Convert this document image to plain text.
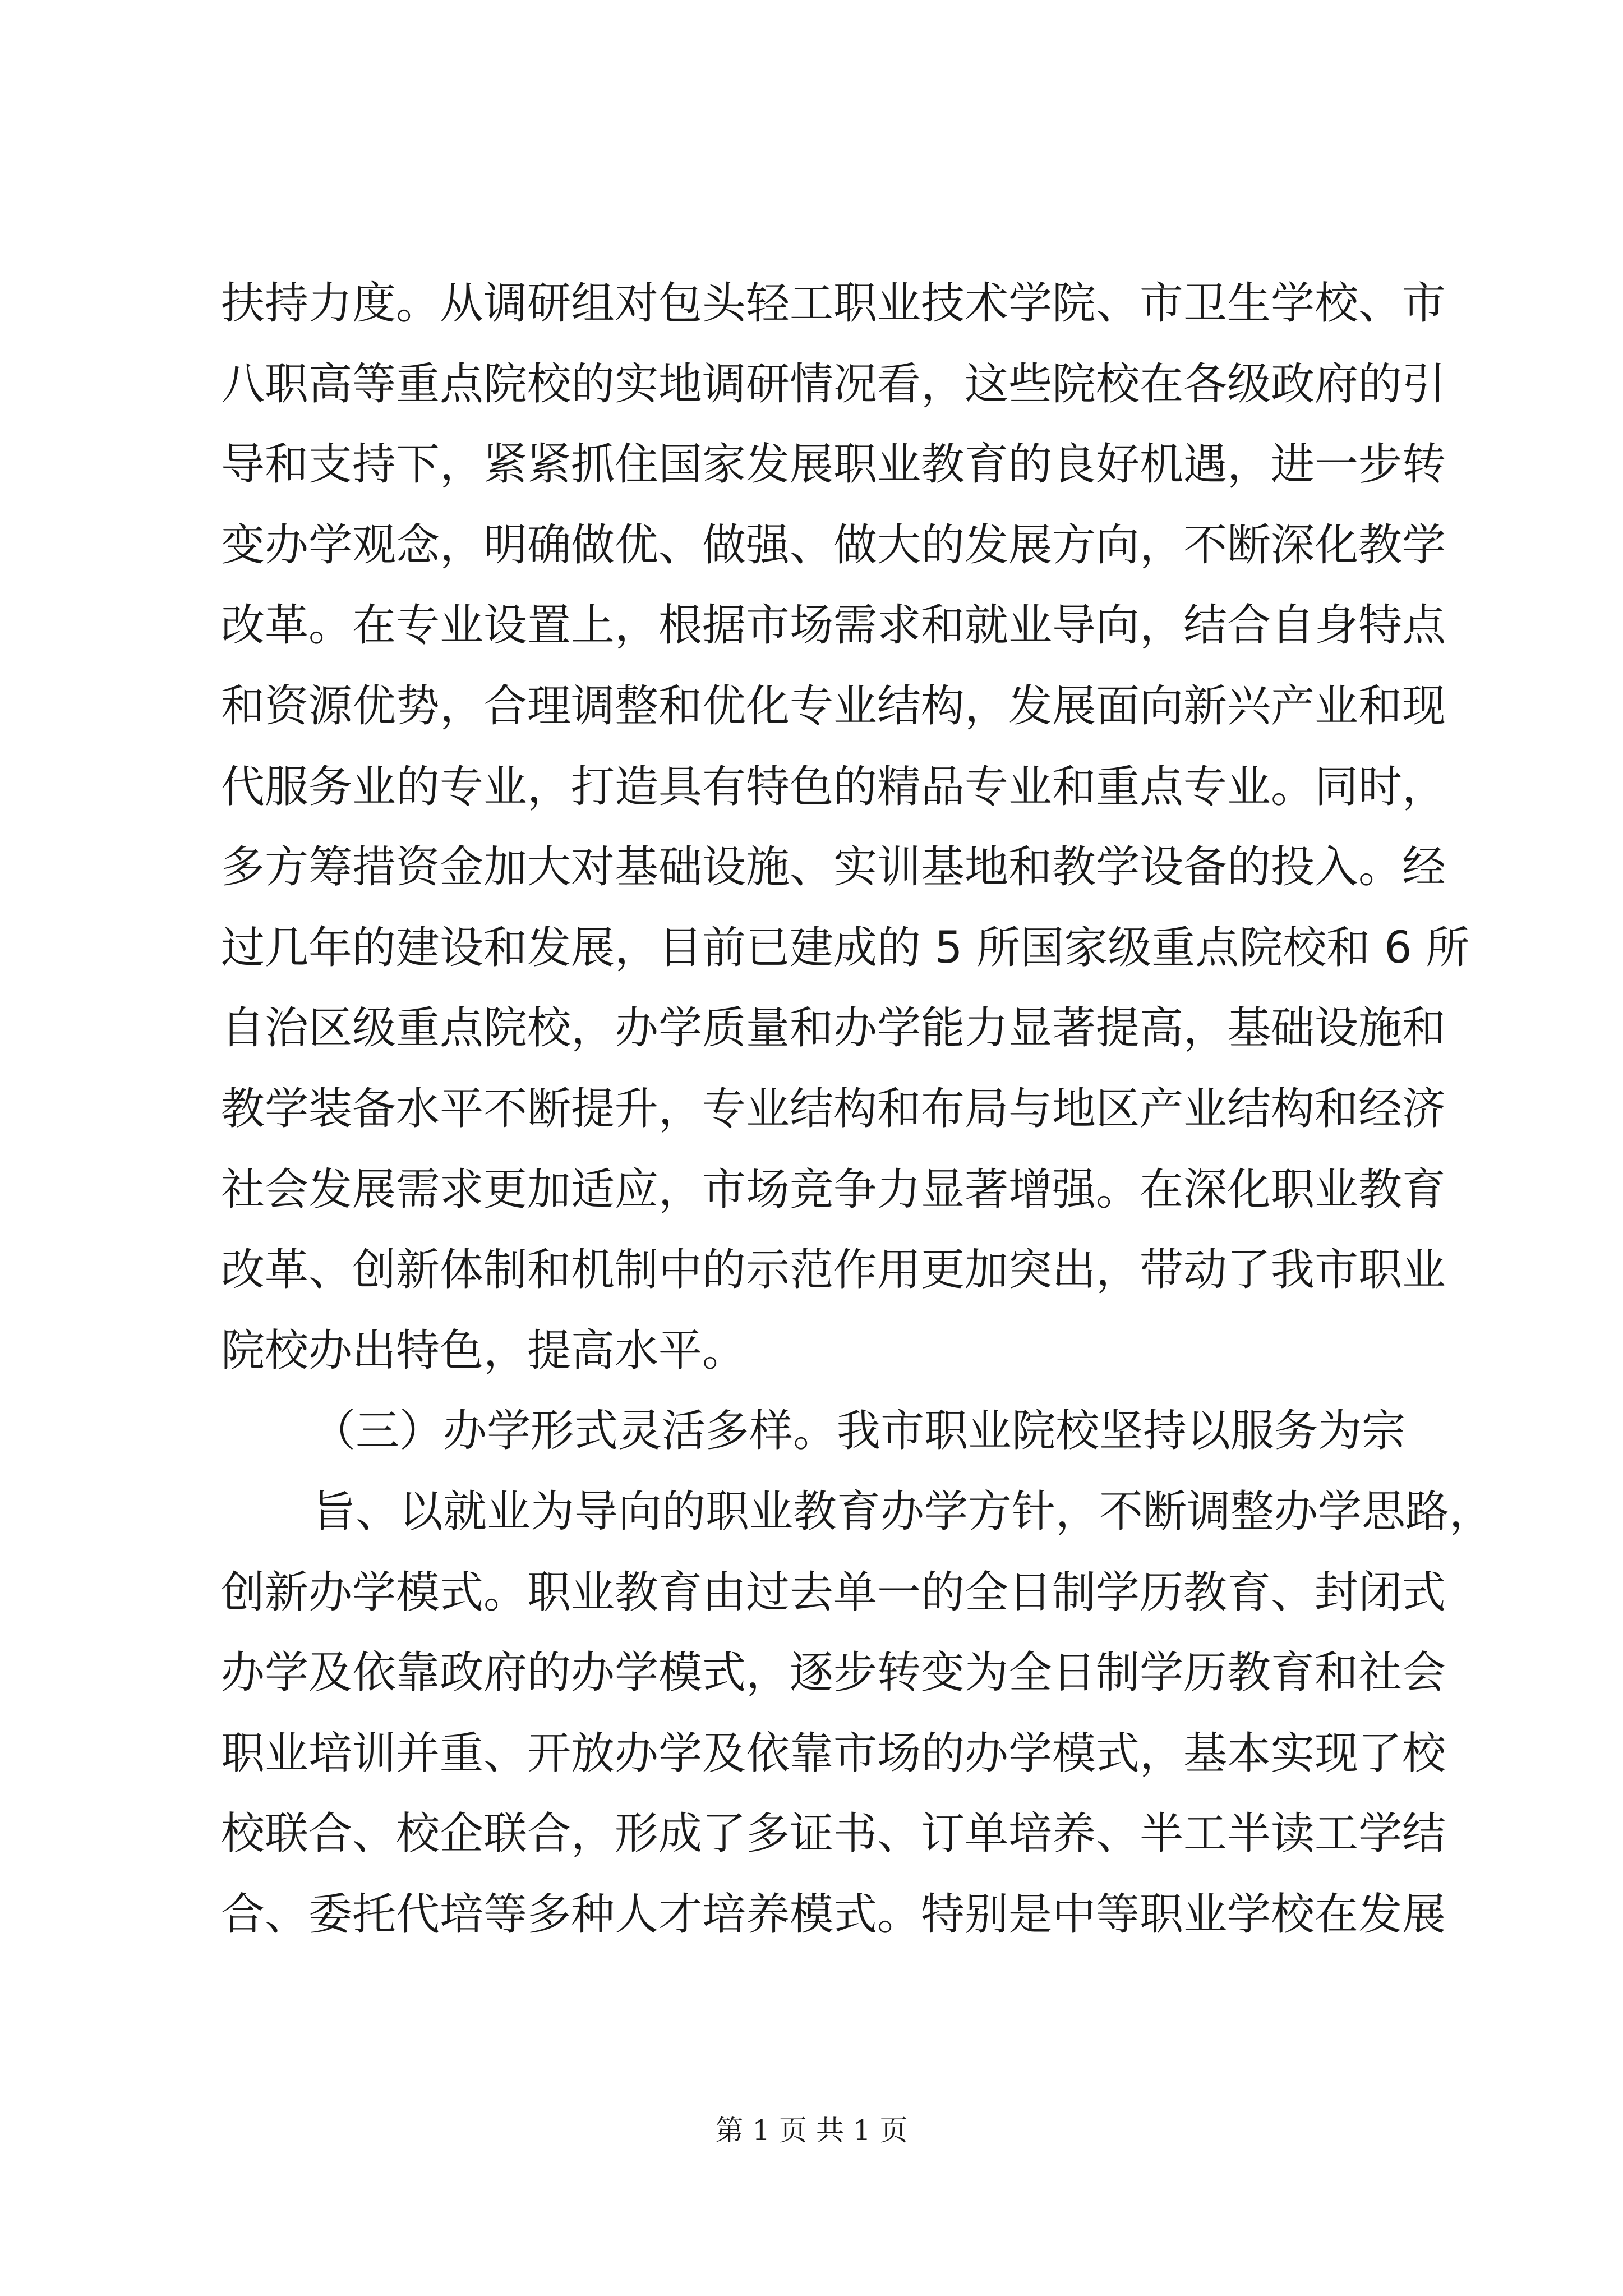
扶持力度。从调研组对包头轻工职业技术学院、市卫生学校、市
八职高等重点院校的实地调研情况看，这些院校在各级政府的引
导和支持下，紧紧抓住国家发展职业教育的良好机遇，进一步转
变办学观念，明确做优、做强、做大的发展方向，不断深化教学
改革。在专业设置上，根据市场需求和就业导向，结合自身特点
和资源优势，合理调整和优化专业结构，发展面向新兴产业和现
代服务业的专业，打造具有特色的精品专业和重点专业。同时，
多方筹措资金加大对基础设施、实训基地和教学设备的投入。经
过几年的建设和发展，目前已建成的 5 所国家级重点院校和 6 所
自治区级重点院校，办学质量和办学能力显著提高，基础设施和
教学装备水平不断提升，专业结构和布局与地区产业结构和经济
社会发展需求更加适应，市场竞争力显著增强。在深化职业教育
改革、创新体制和机制中的示范作用更加突出，带动了我市职业
院校办出特色，提高水平。
（三）办学形式灵活多样。我市职业院校坚持以服务为宗
旨、以就业为导向的职业教育办学方针，不断调整办学思路，
创新办学模式。职业教育由过去单一的全日制学历教育、封闭式
办学及依靠政府的办学模式，逐步转变为全日制学历教育和社会
职业培训并重、开放办学及依靠市场的办学模式，基本实现了校
校联合、校企联合，形成了多证书、订单培养、半工半读工学结
合、委托代培等多种人才培养模式。特别是中等职业学校在发展
第 1 页 共 1 页
